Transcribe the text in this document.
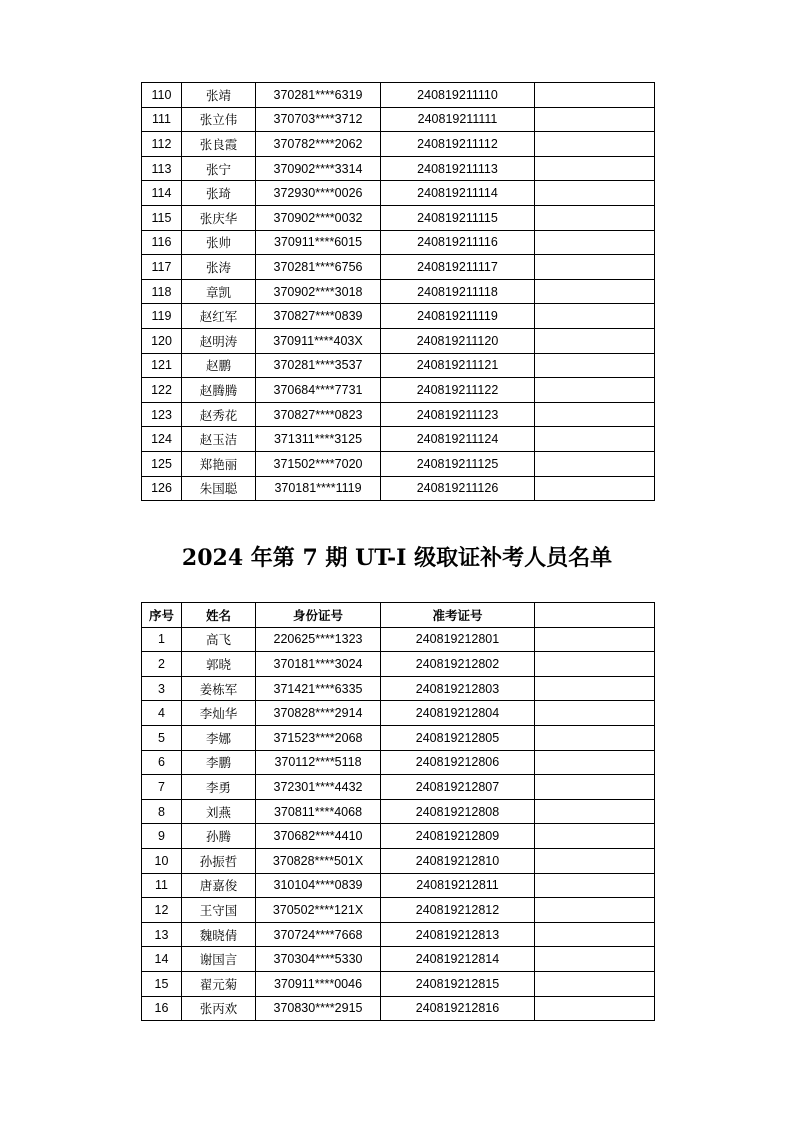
110	张靖	370281****6319	240819211110	
111	张立伟	370703****3712	240819211111	
112	张良霞	370782****2062	240819211112	
113	张宁	370902****3314	240819211113	
114	张琦	372930****0026	240819211114	
115	张庆华	370902****0032	240819211115	
116	张帅	370911****6015	240819211116	
117	张涛	370281****6756	240819211117	
118	章凯	370902****3018	240819211118	
119	赵红军	370827****0839	240819211119	
120	赵明涛	370911****403X	240819211120	
121	赵鹏	370281****3537	240819211121	
122	赵腾腾	370684****7731	240819211122	
123	赵秀花	370827****0823	240819211123	
124	赵玉洁	371311****3125	240819211124	
125	郑艳丽	371502****7020	240819211125	
126	朱国聪	370181****1119	240819211126	
2024 年第 7 期 UT-I 级取证补考人员名单
序号	姓名	身份证号	准考证号	
1	高飞	220625****1323	240819212801	
2	郭晓	370181****3024	240819212802	
3	姜栋军	371421****6335	240819212803	
4	李灿华	370828****2914	240819212804	
5	李娜	371523****2068	240819212805	
6	李鹏	370112****5118	240819212806	
7	李勇	372301****4432	240819212807	
8	刘燕	370811****4068	240819212808	
9	孙腾	370682****4410	240819212809	
10	孙振哲	370828****501X	240819212810	
11	唐嘉俊	310104****0839	240819212811	
12	王守国	370502****121X	240819212812	
13	魏晓倩	370724****7668	240819212813	
14	谢国言	370304****5330	240819212814	
15	翟元菊	370911****0046	240819212815	
16	张丙欢	370830****2915	240819212816	
